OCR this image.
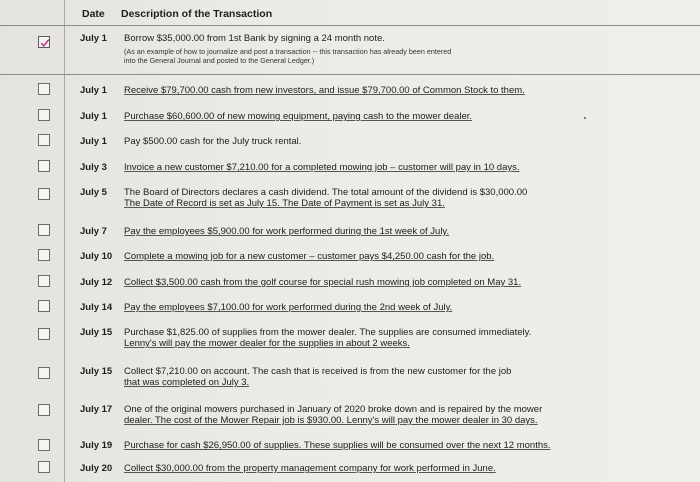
Date Description of the Transaction
July 1 Borrow $35,000.00 from 1st Bank by signing a 24 month note.
(As an example of how to journalize and post a transaction -- this transaction has already been entered
into the General Journal and posted to the General Ledger.)
July 1 Receive $79,700.00 cash from new investors, and issue $79,700.00 of Common Stock to them.
July 1 Purchase $60,600.00 of new mowing equipment, paying cash to the mower dealer.
July 1 Pay $500.00 cash for the July truck rental.
July 3 Invoice a new customer $7,210.00 for a completed mowing job – customer will pay in 10 days.
July 5 The Board of Directors declares a cash dividend. The total amount of the dividend is $30,000.00
The Date of Record is set as July 15. The Date of Payment is set as July 31.
July 7 Pay the employees $5,900.00 for work performed during the 1st week of July.
July 10 Complete a mowing job for a new customer – customer pays $4,250.00 cash for the job.
July 12 Collect $3,500.00 cash from the golf course for special rush mowing job completed on May 31.
July 14 Pay the employees $7,100.00 for work performed during the 2nd week of July.
July 15 Purchase $1,825.00 of supplies from the mower dealer. The supplies are consumed immediately.
Lenny's will pay the mower dealer for the supplies in about 2 weeks.
July 15 Collect $7,210.00 on account. The cash that is received is from the new customer for the job
that was completed on July 3.
July 17 One of the original mowers purchased in January of 2020 broke down and is repaired by the mower
dealer. The cost of the Mower Repair job is $930.00. Lenny's will pay the mower dealer in 30 days.
July 19 Purchase for cash $26,950.00 of supplies. These supplies will be consumed over the next 12 months.
July 20 Collect $30,000.00 from the property management company for work performed in June.
